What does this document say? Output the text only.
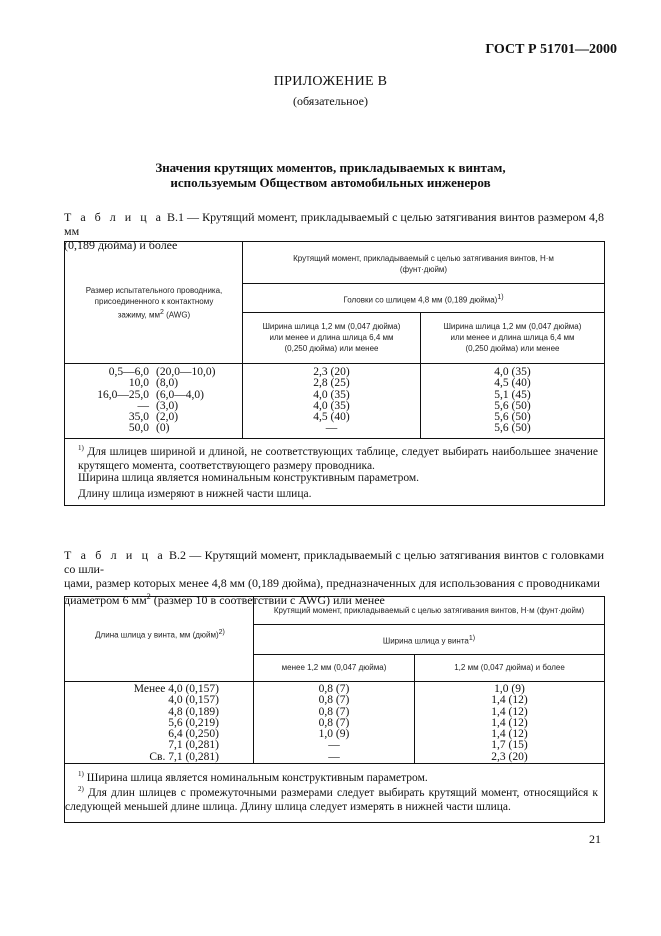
ГОСТ Р 51701—2000
ПРИЛОЖЕНИЕ В
(обязательное)
Значения крутящих моментов, прикладываемых к винтам,
используемым Обществом автомобильных инженеров
Т а б л и ц а В.1 — Крутящий момент, прикладываемый с целью затягивания винтов размером 4,8 мм
(0,189 дюйма) и более
Размер испытательного проводника,
присоединенного к контактному
зажиму, $мм^2$ (AWG)
Крутящий момент, прикладываемый с целью затягивания винтов, Н·м
(фунт·дюйм)
Головки со шлицем 4,8 мм (0,189 дюйма)$^{1)}$
Ширина шлица 1,2 мм (0,047 дюйма)
или менее и длина шлица 6,4 мм
(0,250 дюйма) или менее
Ширина шлица 1,2 мм (0,047 дюйма)
или менее и длина шлица 6,4 мм
(0,250 дюйма) или менее
0,5—6,0
10,0
16,0—25,0
—
35,0
50,0
(20,0—10,0)
(8,0)
(6,0—4,0)
(3,0)
(2,0)
(0)
2,3 (20)
2,8 (25)
4,0 (35)
4,0 (35)
4,5 (40)
—
4,0 (35)
4,5 (40)
5,1 (45)
5,6 (50)
5,6 (50)
5,6 (50)
$^{1)}$ Для шлицев шириной и длиной, не соответствующих таблице, следует выбирать наибольшее значение крутящего момента, соответствующего размеру проводника.
Ширина шлица является номинальным конструктивным параметром.
Длину шлица измеряют в нижней части шлица.
Т а б л и ц а В.2 — Крутящий момент, прикладываемый с целью затягивания винтов с головками со шли-
цами, размер которых менее 4,8 мм (0,189 дюйма), предназначенных для использования с проводниками
диаметром 6 $мм^2$ (размер 10 в соответствии с AWG) или менее
Длина шлица у винта, мм (дюйм)$^{2)}$
Крутящий момент, прикладываемый с целью затягивания винтов, Н·м (фунт·дюйм)
Ширина шлица у винта$^{1)}$
менее 1,2 мм (0,047 дюйма)	1,2 мм (0,047 дюйма) и более
Менее 4,0 (0,157)
4,0 (0,157)
4,8 (0,189)
5,6 (0,219)
6,4 (0,250)
7,1 (0,281)
Св. 7,1 (0,281)
0,8 (7)
0,8 (7)
0,8 (7)
0,8 (7)
1,0 (9)
—
—
1,0 (9)
1,4 (12)
1,4 (12)
1,4 (12)
1,4 (12)
1,7 (15)
2,3 (20)
$^{1)}$ Ширина шлица является номинальным конструктивным параметром.
$^{2)}$ Для длин шлицев с промежуточными размерами следует выбирать крутящий момент, относящийся к следующей меньшей длине шлица. Длину шлица следует измерять в нижней части шлица.
21
